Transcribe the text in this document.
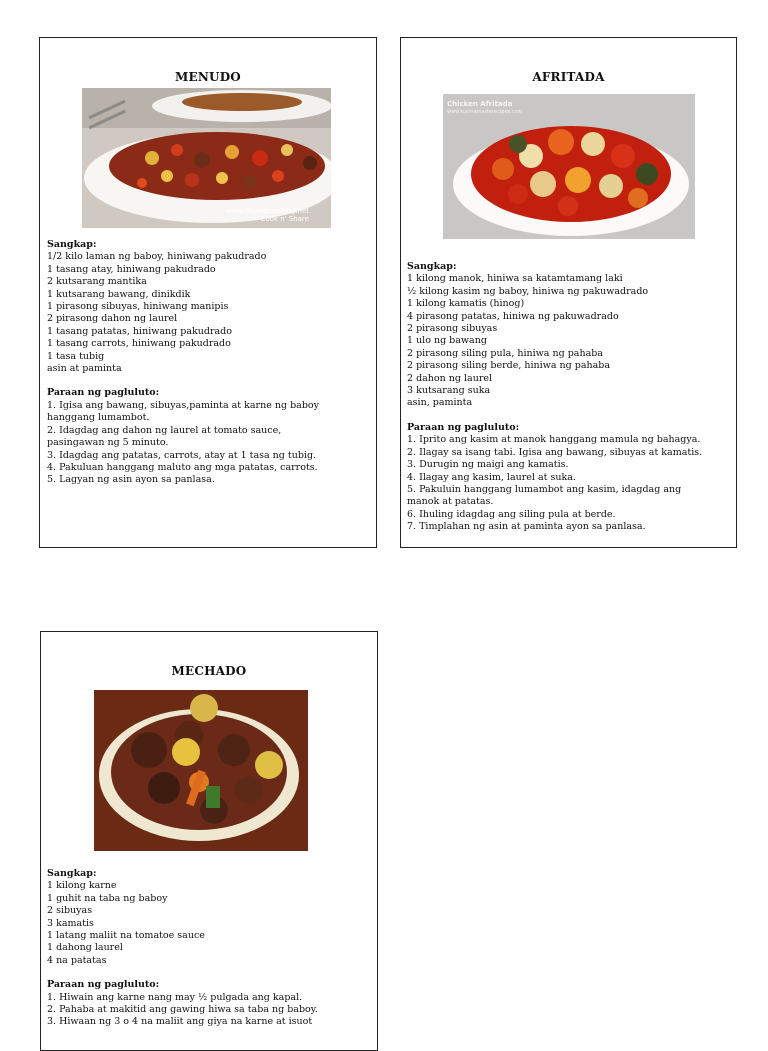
MENUDO
www.filipinocooking.net
Cook n' Share
Sangkap:
1/2 kilo laman ng baboy, hiniwang pakudrado
1 tasang atay, hiniwang pakudrado
2 kutsarang mantika
1 kutsarang bawang, dinikdik
1 pirasong sibuyas, hiniwang manipis
2 pirasong dahon ng laurel
1 tasang patatas, hiniwang pakudrado
1 tasang carrots, hiniwang pakudrado
1 tasa tubig
asin at paminta
Paraan ng pagluluto:
1. Igisa ang bawang, sibuyas,paminta at karne ng baboy
hanggang lumambot.
2. Idagdag ang dahon ng laurel at tomato sauce,
pasingawan ng 5 minuto.
3. Idagdag ang patatas, carrots, atay at 1 tasa ng tubig.
4. Pakuluan hanggang maluto ang mga patatas, carrots.
5. Lagyan ng asin ayon sa panlasa.
AFRITADA
Chicken Afritada
www.kusinamasterecipes.com
Sangkap:
1 kilong manok, hiniwa sa katamtamang laki
½ kilong kasim ng baboy, hiniwa ng pakuwadrado
1 kilong kamatis (hinog)
4 pirasong patatas, hiniwa ng pakuwadrado
2 pirasong sibuyas
1 ulo ng bawang
2 pirasong siling pula, hiniwa ng pahaba
2 pirasong siling berde, hiniwa ng pahaba
2 dahon ng laurel
3 kutsarang suka
asin, paminta
Paraan ng pagluluto:
1. Iprito ang kasim at manok hanggang mamula ng bahagya.
2. Ilagay sa isang tabi. Igisa ang bawang, sibuyas at kamatis.
3. Durugin ng maigi ang kamatis.
4. Ilagay ang kasim, laurel at suka.
5. Pakuluin hanggang lumambot ang kasim, idagdag ang
manok at patatas.
6. Ihuling idagdag ang siling pula at berde.
7. Timplahan ng asin at paminta ayon sa panlasa.
MECHADO
Sangkap:
1 kilong karne
1 guhit na taba ng baboy
2 sibuyas
3 kamatis
1 latang maliit na tomatoe sauce
1 dahong laurel
4 na patatas
Paraan ng pagluluto:
1. Hiwain ang karne nang may ½ pulgada ang kapal.
2. Pahaba at makitid ang gawing hiwa sa taba ng baboy.
3. Hiwaan ng 3 o 4 na maliit ang giya na karne at isuot
